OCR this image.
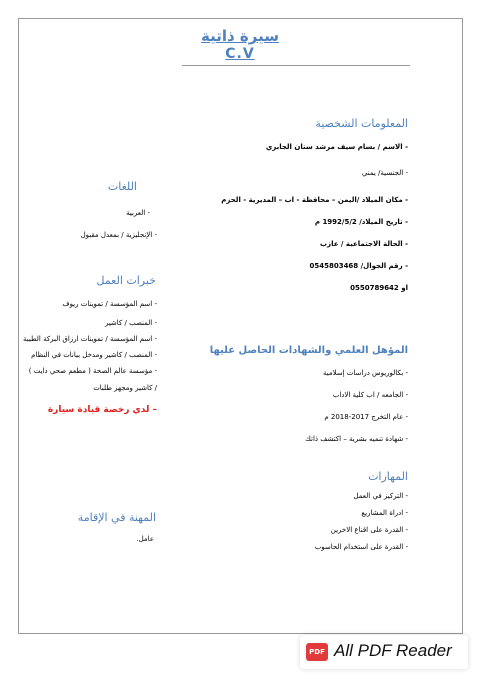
سيرة ذاتية
C.V
المعلومات الشخصية
- الاسم / بسام سيف مرشد سنان الجابري
- الجنسية/ يمني
- مكان الميلاد /اليمن – محافظة - اب – المديرية - الحزم
- تاريخ الميلاد/ 1992/5/2 م
- الحالة الاجتماعية / عازب
- رقم الجوال/ 0545803468
او 0550789642
اللغات
- العربية
- الإنجليزية / بمعدل مقبول
خبرات العمل
- اسم المؤسسة / تموينات ريوف
- المنصب / كاشير
- اسم المؤسسة / تموينات ارزاق البركة الطيبة
- المنصب / كاشير ومدخل بيانات في النظام
- مؤسسة عالم الصحة ( مطعم صحي دايت )
/ كاشير ومجهز طلبات
– لدي رخصة قيادة سيارة
المؤهل العلمي والشهادات الحاصل عليها
- بكالوريوس دراسات إسلامية
- الجامعه / اب كلية الاداب
- عام التخرج 2017-2018 م
- شهادة تنميه بشرية – اكتشف ذاتك
المهارات
- التركيز في العمل
- ادراة المشاريع
- القدرة على اقناع الاخرين
- القدرة على استخدام الحاسوب
المهنة في الإقامة
عامل.
PDF All PDF Reader
